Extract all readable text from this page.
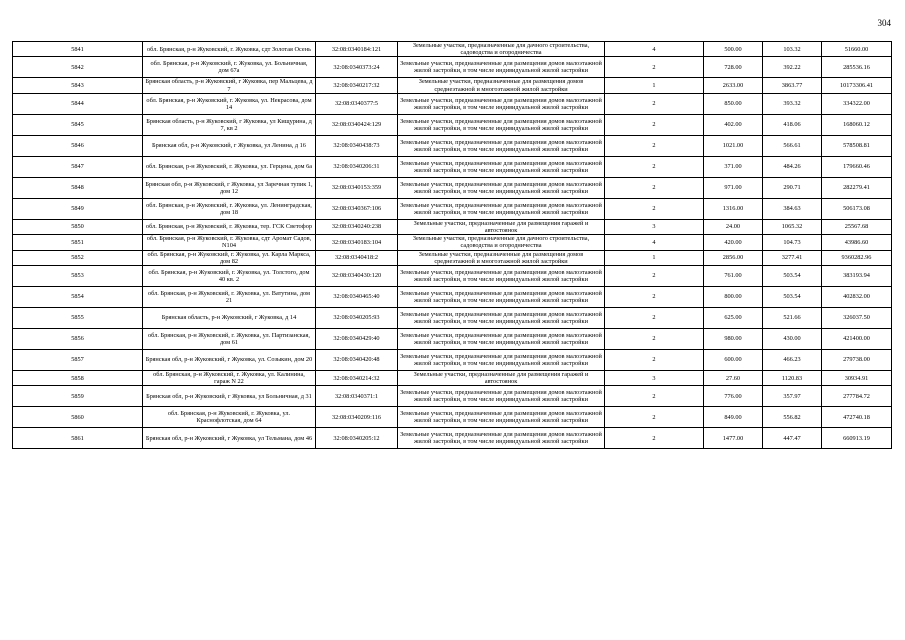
304
5841	обл. Брянская, р-н Жуковский, г. Жуковка, сдт Золотая Осень	32:08:0340184:121	Земельные участки, предназначенные для дачного строительства, садоводства и огородничества	4	500.00	103.32	51660.00
5842	обл. Брянская, р-н Жуковский, г. Жуковка, ул. Больничная, дом 67а	32:08:0340373:24	Земельные участки, предназначенные для размещения домов малоэтажной жилой застройки, в том числе индивидуальной жилой застройки	2	728.00	392.22	285536.16
5843	Брянская область, р-н Жуковский, г Жуковка, пер Мальцева, д 7	32:08:0340217:32	Земельные участки, предназначенные для размещения домов среднеэтажной и многоэтажной жилой застройки	1	2633.00	3863.77	10173306.41
5844	обл. Брянская, р-н Жуковский, г. Жуковка, ул. Некрасова, дом 14	32:08:0340377:5	Земельные участки, предназначенные для размещения домов малоэтажной жилой застройки, в том числе индивидуальной жилой застройки	2	850.00	393.32	334322.00
5845	Брянская область, р-н Жуковский, г Жуковка, ул Кищурина, д 7, кв 2	32:08:0340424:129	Земельные участки, предназначенные для размещения домов малоэтажной жилой застройки, в том числе индивидуальной жилой застройки	2	402.00	418.06	168060.12
5846	Брянская обл, р-н Жуковский, г Жуковка, ул Ленина, д 16	32:08:0340438:73	Земельные участки, предназначенные для размещения домов малоэтажной жилой застройки, в том числе индивидуальной жилой застройки	2	1021.00	566.61	578508.81
5847	обл. Брянская, р-н Жуковский, г. Жуковка, ул. Герцена, дом 6а	32:08:0340206:31	Земельные участки, предназначенные для размещения домов малоэтажной жилой застройки, в том числе индивидуальной жилой застройки	2	371.00	484.26	179660.46
5848	Брянская обл, р-н Жуковский, г Жуковка, ул Заречная тупик 1, дом 12	32:08:0340153:359	Земельные участки, предназначенные для размещения домов малоэтажной жилой застройки, в том числе индивидуальной жилой застройки	2	971.00	290.71	282279.41
5849	обл. Брянская, р-н Жуковский, г. Жуковка, ул. Ленинградская, дом 18	32:08:0340367:106	Земельные участки, предназначенные для размещения домов малоэтажной жилой застройки, в том числе индивидуальной жилой застройки	2	1316.00	384.63	506173.08
5850	обл. Брянская, р-н Жуковский, г. Жуковка, тер. ГСК Светофор	32:08:0340240:238	Земельные участки, предназначенные для размещения гаражей и автостоянок	3	24.00	1065.32	25567.68
5851	обл. Брянская, р-н Жуковский, г. Жуковка, сдт Аромат Садов, N104	32:08:0340183:104	Земельные участки, предназначенные для дачного строительства, садоводства и огородничества	4	420.00	104.73	43986.60
5852	обл. Брянская, р-н Жуковский, г. Жуковка, ул. Карла Маркса, дом 82	32:08:0340418:2	Земельные участки, предназначенные для размещения домов среднеэтажной и многоэтажной жилой застройки	1	2856.00	3277.41	9360282.96
5853	обл. Брянская, р-н Жуковский, г. Жуковка, ул. Толстого, дом 40 кв. 2	32:08:0340430:120	Земельные участки, предназначенные для размещения домов малоэтажной жилой застройки, в том числе индивидуальной жилой застройки	2	761.00	503.54	383193.94
5854	обл. Брянская, р-н Жуковский, г. Жуковка, ул. Ватутина, дом 21	32:08:0340465:40	Земельные участки, предназначенные для размещения домов малоэтажной жилой застройки, в том числе индивидуальной жилой застройки	2	800.00	503.54	402832.00
5855	Брянская область, р-н Жуковский, г Жуковка, д 14	32:08:0340205:93	Земельные участки, предназначенные для размещения домов малоэтажной жилой застройки, в том числе индивидуальной жилой застройки	2	625.00	521.66	326037.50
5856	обл. Брянская, р-н Жуковский, г. Жуковка, ул. Партизанская, дом 61	32:08:0340429:40	Земельные участки, предназначенные для размещения домов малоэтажной жилой застройки, в том числе индивидуальной жилой застройки	2	980.00	430.00	421400.00
5857	Брянская обл, р-н Жуковский, г Жуковка, ул. Созыкин, дом 20	32:08:0340420:48	Земельные участки, предназначенные для размещения домов малоэтажной жилой застройки, в том числе индивидуальной жилой застройки	2	600.00	466.23	279738.00
5858	обл. Брянская, р-н Жуковский, г. Жуковка, ул. Калинина, гараж N 22	32:08:0340214:32	Земельные участки, предназначенные для размещения гаражей и автостоянок	3	27.60	1120.83	30934.91
5859	Брянская обл, р-н Жуковский, г Жуковка, ул Больничная, д 31	32:08:0340371:1	Земельные участки, предназначенные для размещения домов малоэтажной жилой застройки, в том числе индивидуальной жилой застройки	2	776.00	357.97	277784.72
5860	обл. Брянская, р-н Жуковский, г. Жуковка, ул. Краснофлотская, дом 64	32:08:0340209:116	Земельные участки, предназначенные для размещения домов малоэтажной жилой застройки, в том числе индивидуальной жилой застройки	2	849.00	556.82	472740.18
5861	Брянская обл, р-н Жуковский, г Жуковка, ул Тельмана, дом 46	32:08:0340205:12	Земельные участки, предназначенные для размещения домов малоэтажной жилой застройки, в том числе индивидуальной жилой застройки	2	1477.00	447.47	660913.19
